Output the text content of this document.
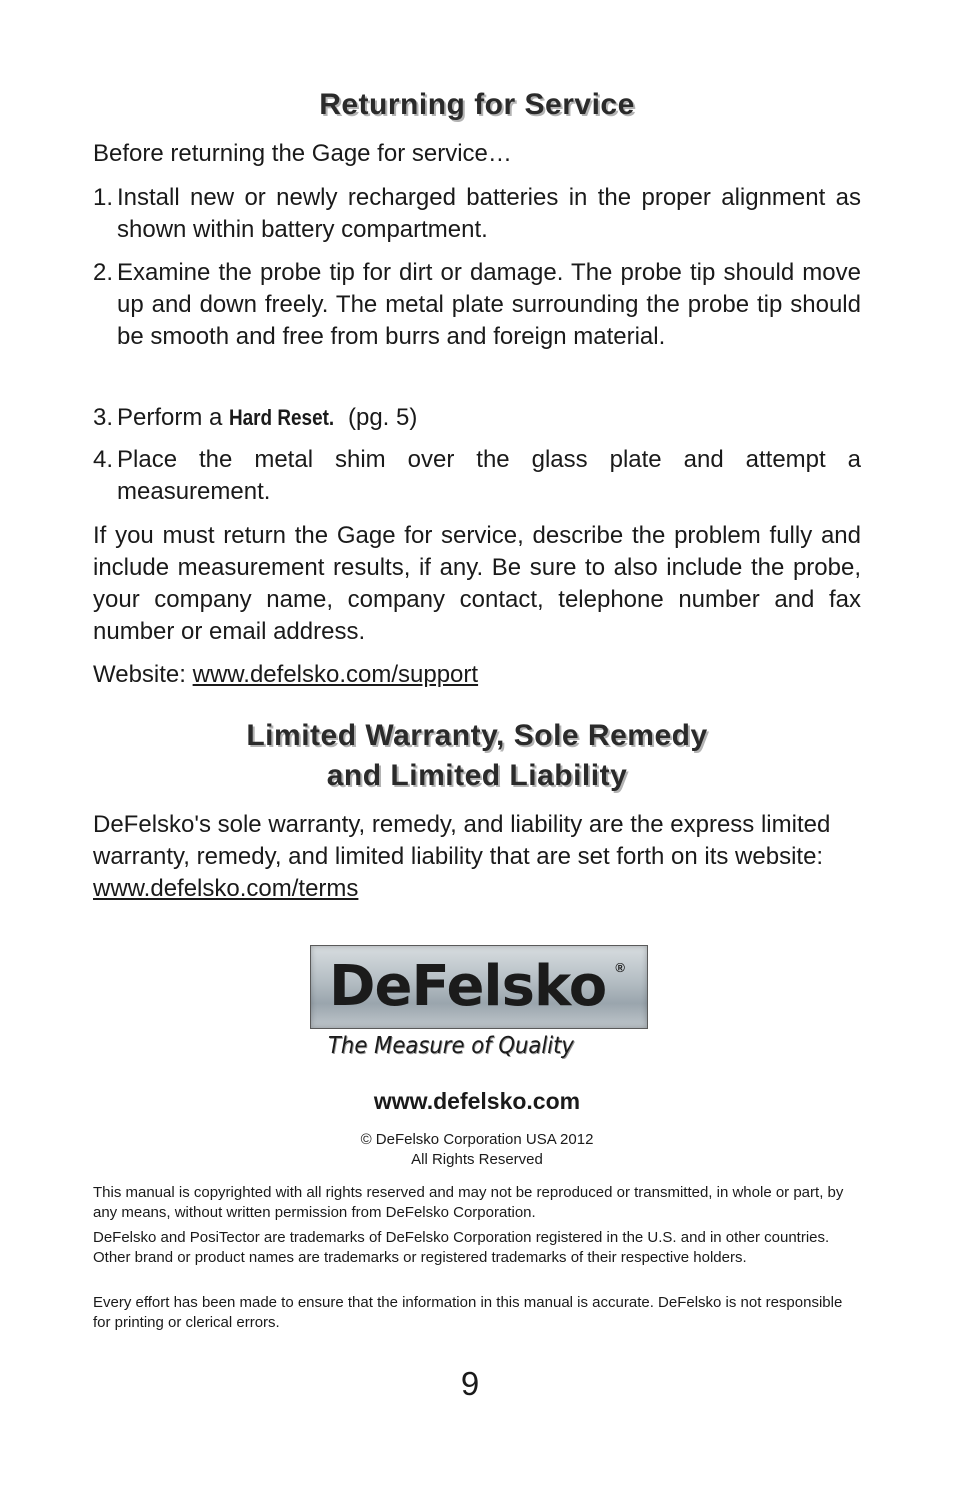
Returning for Service

Before returning the Gage for service…

1. Install new or newly recharged batteries in the proper alignment as shown within battery compartment.
2. Examine the probe tip for dirt or damage. The probe tip should move up and down freely. The metal plate surrounding the probe tip should be smooth and free from burrs and foreign material.
3. Perform a Hard Reset. (pg. 5)
4. Place the metal shim over the glass plate and attempt a measurement.

If you must return the Gage for service, describe the problem fully and include measurement results, if any. Be sure to also include the probe, your company name, company contact, telephone number and fax number or email address.

Website: www.defelsko.com/support

Limited Warranty, Sole Remedy
and Limited Liability

DeFelsko's sole warranty, remedy, and liability are the express limited warranty, remedy, and limited liability that are set forth on its website: www.defelsko.com/terms

DeFelsko ®
The Measure of Quality
www.defelsko.com
© DeFelsko Corporation USA 2012
All Rights Reserved

This manual is copyrighted with all rights reserved and may not be reproduced or transmitted, in whole or part, by any means, without written permission from DeFelsko Corporation.

DeFelsko and PosiTector are trademarks of DeFelsko Corporation registered in the U.S. and in other countries. Other brand or product names are trademarks or registered trademarks of their respective holders.

Every effort has been made to ensure that the information in this manual is accurate. DeFelsko is not responsible for printing or clerical errors.

9
